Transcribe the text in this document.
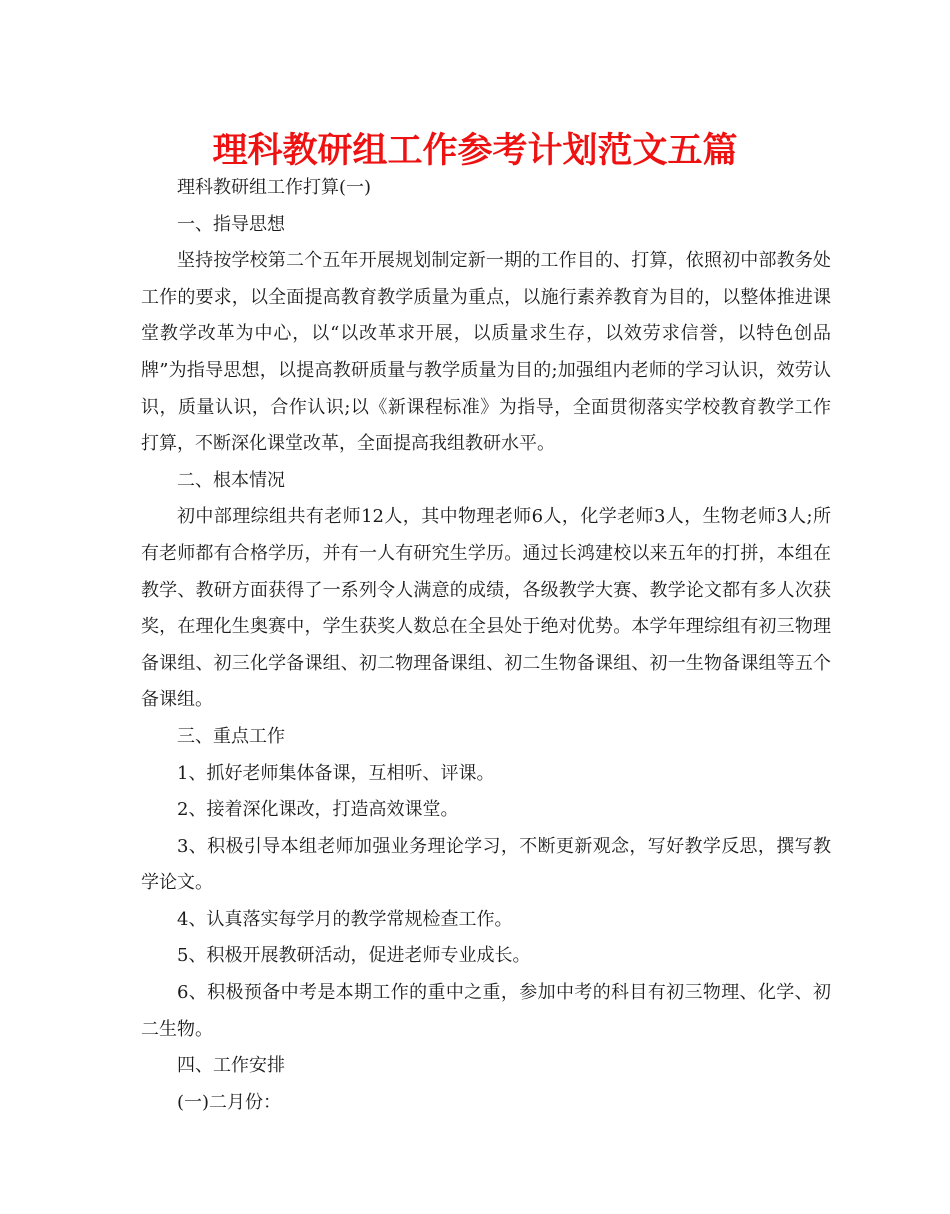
理科教研组工作参考计划范文五篇

理科教研组工作打算(一)

一、指导思想

坚持按学校第二个五年开展规划制定新一期的工作目的、打算，依照初中部教务处工作的要求，以全面提高教育教学质量为重点，以施行素养教育为目的，以整体推进课堂教学改革为中心，以“以改革求开展，以质量求生存，以效劳求信誉，以特色创品牌”为指导思想，以提高教研质量与教学质量为目的;加强组内老师的学习认识，效劳认识，质量认识，合作认识;以《新课程标准》为指导，全面贯彻落实学校教育教学工作打算，不断深化课堂改革，全面提高我组教研水平。

二、根本情况

初中部理综组共有老师12人，其中物理老师6人，化学老师3人，生物老师3人;所有老师都有合格学历，并有一人有研究生学历。通过长鸿建校以来五年的打拼，本组在教学、教研方面获得了一系列令人满意的成绩，各级教学大赛、教学论文都有多人次获奖，在理化生奥赛中，学生获奖人数总在全县处于绝对优势。本学年理综组有初三物理备课组、初三化学备课组、初二物理备课组、初二生物备课组、初一生物备课组等五个备课组。

三、重点工作

1、抓好老师集体备课，互相听、评课。

2、接着深化课改，打造高效课堂。

3、积极引导本组老师加强业务理论学习，不断更新观念，写好教学反思，撰写教学论文。

4、认真落实每学月的教学常规检查工作。

5、积极开展教研活动，促进老师专业成长。

6、积极预备中考是本期工作的重中之重，参加中考的科目有初三物理、化学、初二生物。

四、工作安排

(一)二月份：
